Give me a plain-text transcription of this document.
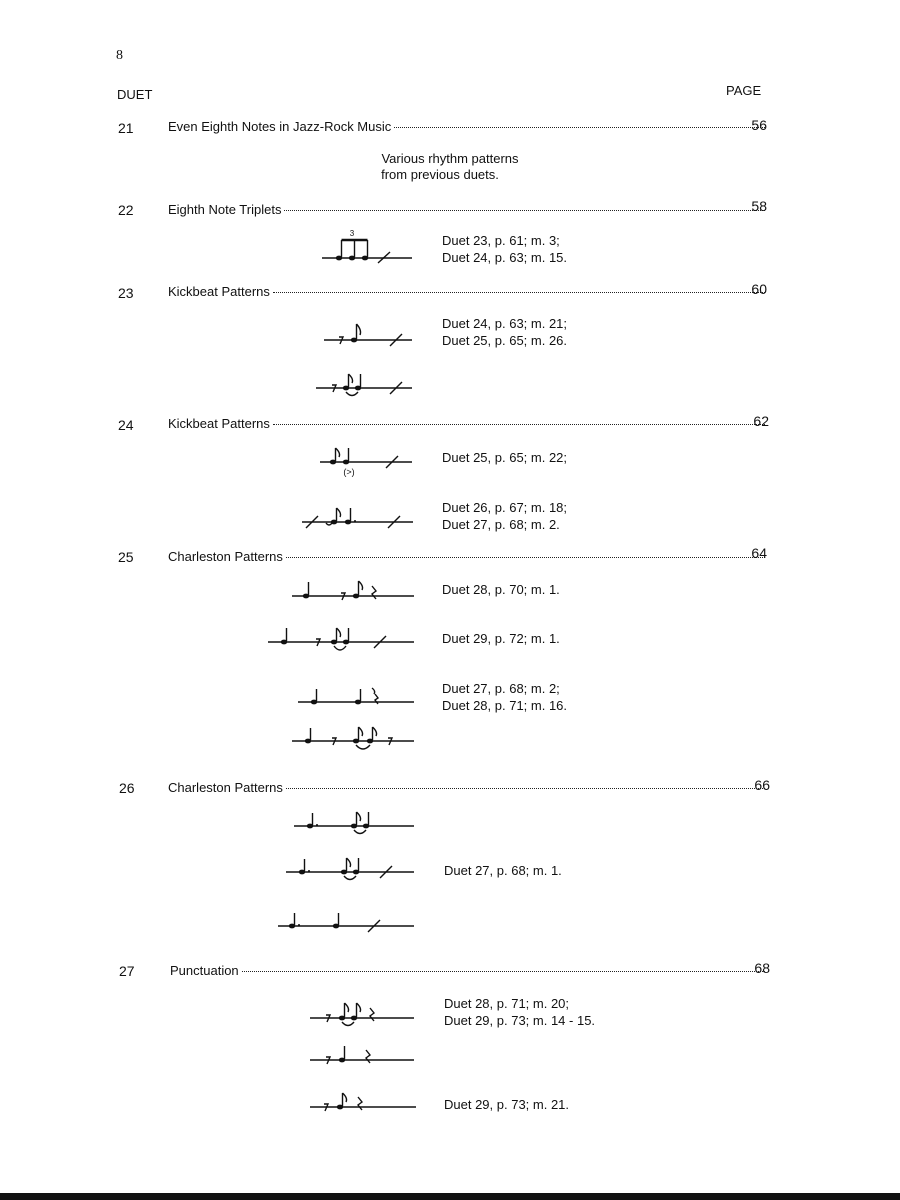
8
DUET	PAGE
21	Even Eighth Notes in Jazz-Rock Music	56
Various rhythm patterns
from previous duets.
22	Eighth Note Triplets	58
3	Duet 23, p. 61; m. 3;
Duet 24, p. 63; m. 15.
23	Kickbeat Patterns	60
Duet 24, p. 63; m. 21;
Duet 25, p. 65; m. 26.
24	Kickbeat Patterns	62
(>)
Duet 25, p. 65; m. 22;
Duet 26, p. 67; m. 18;
Duet 27, p. 68; m. 2.
25	Charleston Patterns	64
Duet 28, p. 70; m. 1.
Duet 29, p. 72; m. 1.
Duet 27, p. 68; m. 2;
Duet 28, p. 71; m. 16.
26	Charleston Patterns	66
Duet 27, p. 68; m. 1.
27	Punctuation	68
Duet 28, p. 71; m. 20;
Duet 29, p. 73; m. 14 - 15.
Duet 29, p. 73; m. 21.
